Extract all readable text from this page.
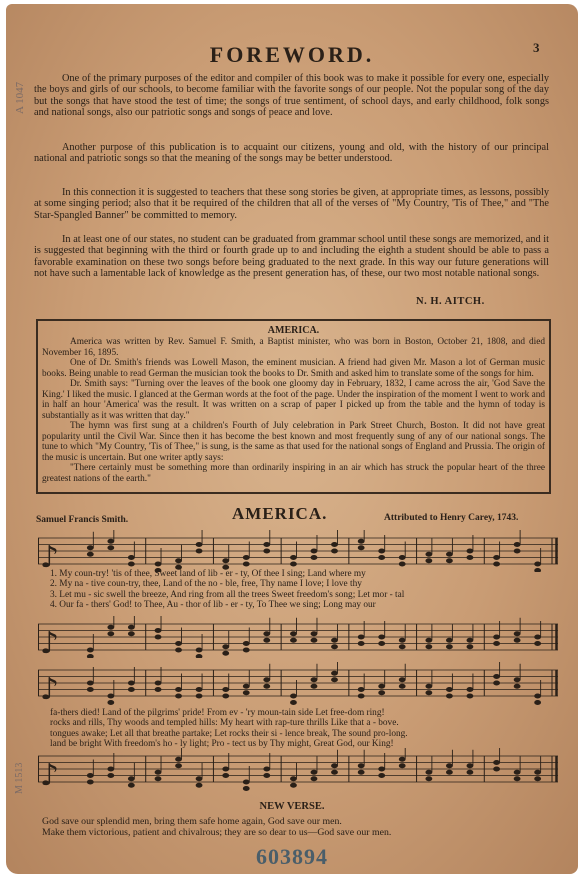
A 1047
M 1513
3
FOREWORD.
One of the primary purposes of the editor and compiler of this book was to make it possible for every one, especially the boys and girls of our schools, to become familiar with the favorite songs of our people. Not the popular song of the day but the songs that have stood the test of time; the songs of true sentiment, of school days, and early childhood, folk songs and national songs, also our patriotic songs and songs of peace and love.
Another purpose of this publication is to acquaint our citizens, young and old, with the history of our principal national and patriotic songs so that the meaning of the songs may be better understood.
In this connection it is suggested to teachers that these song stories be given, at appropriate times, as lessons, possibly at some singing period; also that it be required of the children that all of the verses of "My Country, 'Tis of Thee," and "The Star-Spangled Banner" be committed to memory.
In at least one of our states, no student can be graduated from grammar school until these songs are memorized, and it is suggested that beginning with the third or fourth grade up to and including the eighth a student should be able to pass a favorable examination on these two songs before being graduated to the next grade. In this way our future generations will not have such a lamentable lack of knowledge as the present generation has, of these, our two most notable national songs.
N. H. AITCH.
AMERICA.

America was written by Rev. Samuel F. Smith, a Baptist minister, who was born in Boston, October 21, 1808, and died November 16, 1895.

One of Dr. Smith's friends was Lowell Mason, the eminent musician. A friend had given Mr. Mason a lot of German music books. Being unable to read German the musician took the books to Dr. Smith and asked him to translate some of the songs for him.

Dr. Smith says: "Turning over the leaves of the book one gloomy day in February, 1832, I came across the air, 'God Save the King.' I liked the music. I glanced at the German words at the foot of the page. Under the inspiration of the moment I went to work and in half an hour 'America' was the result. It was written on a scrap of paper I picked up from the table and the hymn of today is substantially as it was written that day."

The hymn was first sung at a children's Fourth of July celebration in Park Street Church, Boston. It did not have great popularity until the Civil War. Since then it has become the best known and most frequently sung of any of our national songs. The tune to which "My Country, 'Tis of Thee," is sung, is the same as that used for the national songs of England and Prussia. The origin of the music is uncertain. But one writer aptly says:

"There certainly must be something more than ordinarily inspiring in an air which has struck the popular heart of the three greatest nations of the earth."

Samuel Francis Smith.	AMERICA.	Attributed to Henry Carey, 1743.
♪
1. My coun-try! 'tis of thee, Sweet land of lib - er - ty, Of thee I sing; Land where my
2. My na - tive coun-try, thee, Land of the no - ble, free, Thy name I love; I love thy
3. Let mu - sic swell the breeze, And ring from all the trees Sweet freedom's song; Let mor - tal
4. Our fa - thers' God! to Thee, Au - thor of lib - er - ty, To Thee we sing; Long may our
♪
♪
fa-thers died! Land of the pilgrims' pride! From ev - 'ry moun-tain side Let free-dom ring!
rocks and rills, Thy woods and templed hills: My heart with rap-ture thrills Like that a - bove.
tongues awake; Let all that breathe partake; Let rocks their si - lence break, The sound pro-long.
land be bright With freedom's ho - ly light; Pro - tect us by Thy might, Great God, our King!
♪
NEW VERSE.
God save our splendid men, bring them safe home again, God save our men.
Make them victorious, patient and chivalrous; they are so dear to us—God save our men.
603894
